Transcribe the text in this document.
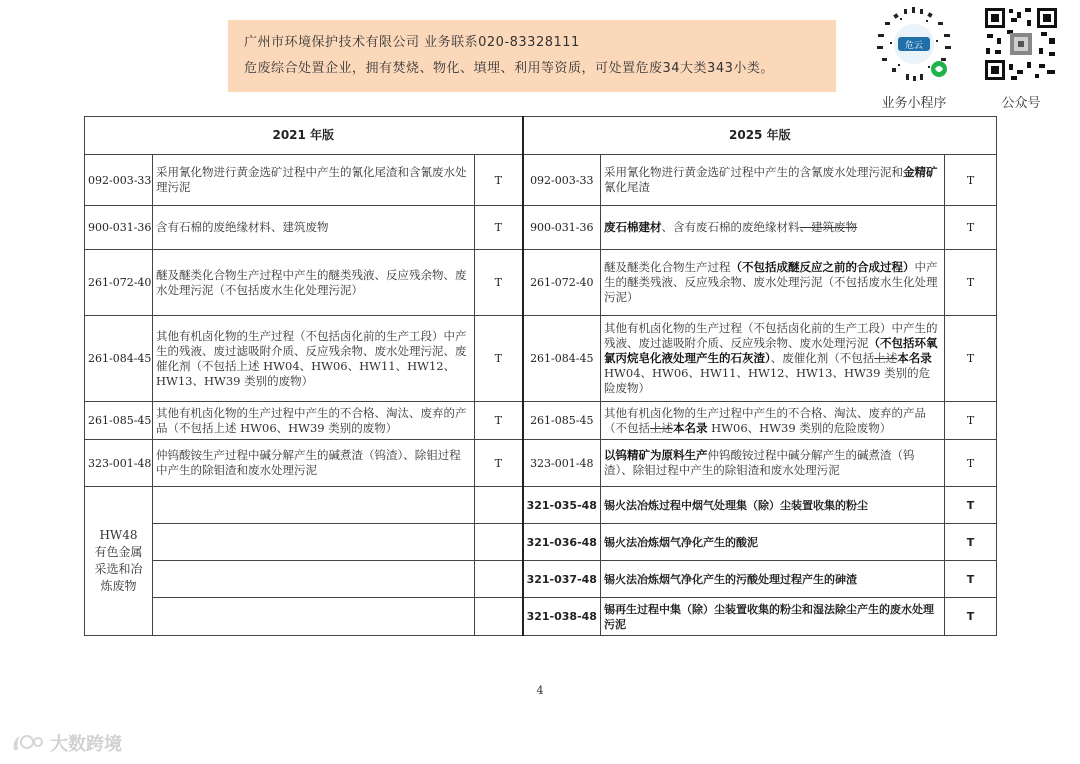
广州市环境保护技术有限公司 业务联系020-83328111
危废综合处置企业，拥有焚烧、物化、填埋、利用等资质，可处置危废34大类343小类。
危云
业务小程序	公众号
2021 年版			2025 年版		
092-003-33	采用氰化物进行黄金选矿过程中产生的氰化尾渣和含氰废水处理污泥	T	092-003-33	采用氰化物进行黄金选矿过程中产生的含氰废水处理污泥和金精矿氰化尾渣	T
900-031-36	含有石棉的废绝缘材料、建筑废物	T	900-031-36	废石棉建材、含有废石棉的废绝缘材料、建筑废物	T
261-072-40	醚及醚类化合物生产过程中产生的醚类残液、反应残余物、废水处理污泥（不包括废水生化处理污泥）	T	261-072-40	醚及醚类化合物生产过程（不包括成醚反应之前的合成过程）中产生的醚类残液、反应残余物、废水处理污泥（不包括废水生化处理污泥）	T
261-084-45	其他有机卤化物的生产过程（不包括卤化前的生产工段）中产生的残液、废过滤吸附介质、反应残余物、废水处理污泥、废催化剂（不包括上述 HW04、HW06、HW11、HW12、HW13、HW39 类别的废物）	T	261-084-45	其他有机卤化物的生产过程（不包括卤化前的生产工段）中产生的残液、废过滤吸附介质、反应残余物、废水处理污泥（不包括环氧氯丙烷皂化液处理产生的石灰渣）、废催化剂（不包括上述本名录 HW04、HW06、HW11、HW12、HW13、HW39 类别的危险废物）	T
261-085-45	其他有机卤化物的生产过程中产生的不合格、淘汰、废弃的产品（不包括上述 HW06、HW39 类别的废物）	T	261-085-45	其他有机卤化物的生产过程中产生的不合格、淘汰、废弃的产品（不包括上述本名录 HW06、HW39 类别的危险废物）	T
323-001-48	仲钨酸铵生产过程中碱分解产生的碱煮渣（钨渣）、除钼过程中产生的除钼渣和废水处理污泥	T	323-001-48	以钨精矿为原料生产仲钨酸铵过程中碱分解产生的碱煮渣（钨渣）、除钼过程中产生的除钼渣和废水处理污泥	T

HW48
有色金属
采选和冶
炼废物			321-035-48	锡火法冶炼过程中烟气处理集（除）尘装置收集的粉尘	T
			321-036-48	锡火法冶炼烟气净化产生的酸泥	T
			321-037-48	锡火法冶炼烟气净化产生的污酸处理过程产生的砷渣	T
			321-038-48	锡再生过程中集（除）尘装置收集的粉尘和湿法除尘产生的废水处理污泥	T
4
大数跨境
